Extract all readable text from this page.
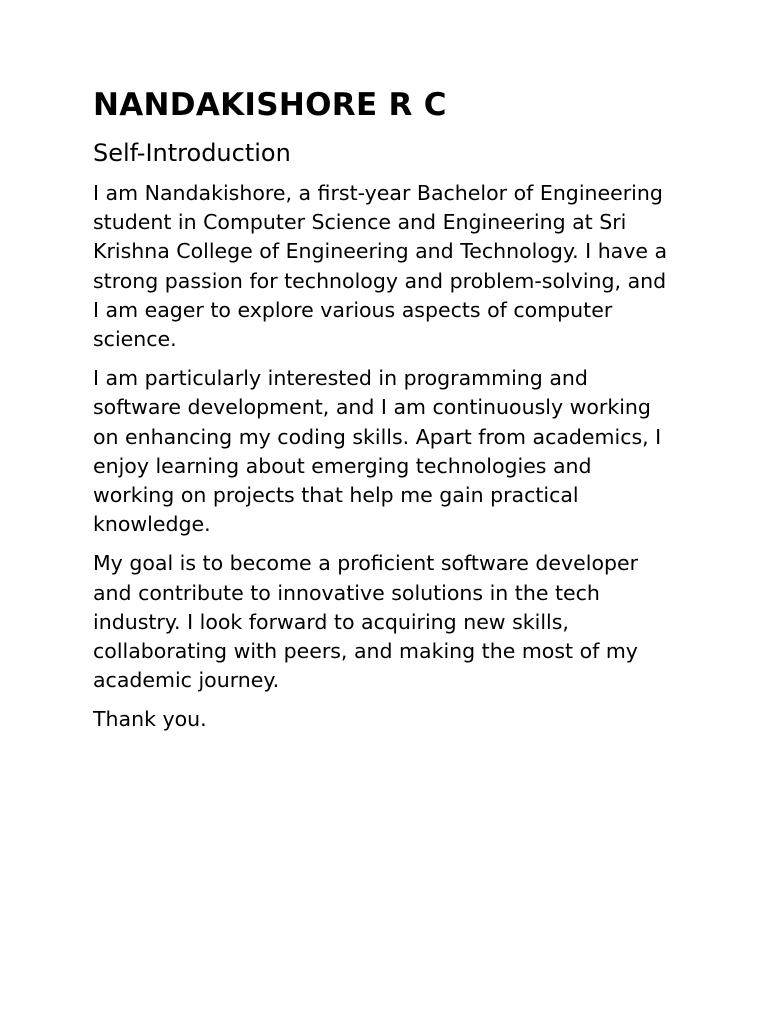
NANDAKISHORE R C
Self-Introduction

I am Nandakishore, a first-year Bachelor of Engineering student in Computer Science and Engineering at Sri Krishna College of Engineering and Technology. I have a strong passion for technology and problem-solving, and I am eager to explore various aspects of computer science.

I am particularly interested in programming and software development, and I am continuously working on enhancing my coding skills. Apart from academics, I enjoy learning about emerging technologies and working on projects that help me gain practical knowledge.

My goal is to become a proficient software developer and contribute to innovative solutions in the tech industry. I look forward to acquiring new skills, collaborating with peers, and making the most of my academic journey.

Thank you.
